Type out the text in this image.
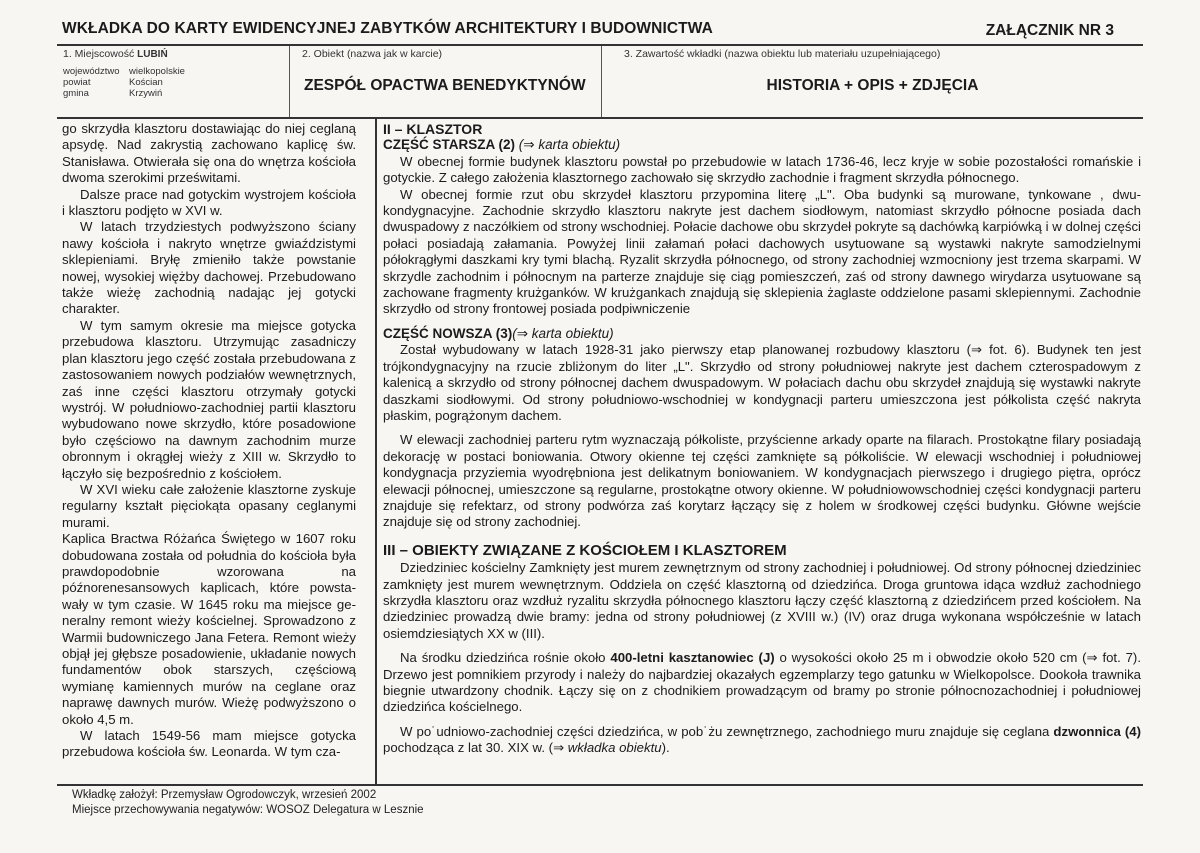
WKŁADKA DO KARTY EWIDENCYJNEJ ZABYTKÓW ARCHITEKTURY I BUDOWNICTWA	ZAŁĄCZNIK NR 3
1. Miejscowość LUBIŃ
województwo	wielkopolskie
powiat	Kościan
gmina	Krzywiń
2. Obiekt (nazwa jak w karcie)
ZESPÓŁ OPACTWA BENEDYKTYNÓW
3. Zawartość wkładki (nazwa obiektu lub materiału uzupełniającego)
HISTORIA + OPIS + ZDJĘCIA

go skrzydła klasztoru dostawiając do niej ceglaną apsydę. Nad zakrystią zachowano kaplicę św. Stanisława. Otwierała się ona do wnętrza kościoła dwoma szerokimi prześwitami.

Dalsze prace nad gotyckim wystrojem kościoła i klasztoru podjęto w XVI w.

W latach trzydziestych podwyższono ściany nawy kościoła i nakryto wnętrze gwiaździstymi sklepieniami. Bryłę zmieniło także powstanie nowej, wysokiej więżby dachowej. Przebudowano także wieżę zachodnią nadając jej gotycki charakter.

W tym samym okresie ma miejsce gotycka przebudowa klasztoru. Utrzymując zasadniczy plan klasztoru jego część została przebudowana z zastosowaniem nowych podziałów wewnętrznych, zaś inne części klasztoru otrzymały gotycki wystrój. W południowo-zachodniej partii klasztoru wybudowano nowe skrzydło, które posadowione było częściowo na dawnym zachodnim murze obronnym i okrągłej wieży z XIII w. Skrzydło to łączyło się bezpośrednio z kościołem.

W XVI wieku całe założenie klasztorne zyskuje regularny kształt pięciokąta opasany ceglanymi murami.

Kaplica Bractwa Różańca Świętego w 1607 roku dobudowana została od południa do kościoła była prawdopodobnie wzorowana na późnorenesansowych kaplicach, które powstawały w tym czasie. W 1645 roku ma miejsce generalny remont wieży kościelnej. Sprowadzono z Warmii budowniczego Jana Fetera. Remont wieży objął jej głębsze posadowienie, układanie nowych fundamentów obok starszych, częściową wymianę kamiennych murów na ceglane oraz naprawę dawnych murów. Wieżę podwyższono o około 4,5 m.

W latach 1549-56 mam miejsce gotycka przebudowa kościoła św. Leonarda. W tym cza-

II – KLASZTOR
CZĘŚĆ STARSZA (2) (⇒ karta obiektu)

W obecnej formie budynek klasztoru powstał po przebudowie w latach 1736-46, lecz kryje w sobie pozostałości romańskie i gotyckie. Z całego założenia klasztornego zachowało się skrzydło zachodnie i fragment skrzydła północnego.

W obecnej formie rzut obu skrzydeł klasztoru przypomina literę „L". Oba budynki są murowane, tynkowane , dwukondygnacyjne. Zachodnie skrzydło klasztoru nakryte jest dachem siodłowym, natomiast skrzydło północne posiada dach dwuspadowy z naczółkiem od strony wschodniej. Połacie dachowe obu skrzydeł pokryte są dachówką karpiówką i w dolnej części połaci posiadają załamania. Powyżej linii załamań połaci dachowych usytuowane są wystawki nakryte samodzielnymi półokrągłymi daszkami kry tymi blachą. Ryzalit skrzydła północnego, od strony zachodniej wzmocniony jest trzema skarpami. W skrzydle zachodnim i północnym na parterze znajduje się ciąg pomieszczeń, zaś od strony dawnego wirydarza usytuowane są zachowane fragmenty krużganków. W krużgankach znajdują się sklepienia żaglaste oddzielone pasami sklepiennymi. Zachodnie skrzydło od strony frontowej posiada podpiwniczenie

CZĘŚĆ NOWSZA (3)(⇒ karta obiektu)

Został wybudowany w latach 1928-31 jako pierwszy etap planowanej rozbudowy klasztoru (⇒ fot. 6). Budynek ten jest trójkondygnacyjny na rzucie zbliżonym do liter „L". Skrzydło od strony południowej nakryte jest dachem czterospadowym z kalenicą a skrzydło od strony północnej dachem dwuspadowym. W połaciach dachu obu skrzydeł znajdują się wystawki nakryte daszkami siodłowymi. Od strony południowo-wschodniej w kondygnacji parteru umieszczona jest półkolista część nakryta płaskim, pogrążonym dachem.

W elewacji zachodniej parteru rytm wyznaczają półkoliste, przyścienne arkady oparte na filarach. Prostokątne filary posiadają dekorację w postaci boniowania. Otwory okienne tej części zamknięte są półkoliście. W elewacji wschodniej i południowej kondygnacja przyziemia wyodrębniona jest delikatnym boniowaniem. W kondygnacjach pierwszego i drugiego piętra, oprócz elewacji północnej, umieszczone są regularne, prostokątne otwory okienne. W południowowschodniej części kondygnacji parteru znajduje się refektarz, od strony podwórza zaś korytarz łączący się z holem w środkowej części budynku. Główne wejście znajduje się od strony zachodniej.

III – OBIEKTY ZWIĄZANE Z KOŚCIOŁEM I KLASZTOREM

Dziedziniec kościelny Zamknięty jest murem zewnętrznym od strony zachodniej i południowej. Od strony północnej dziedziniec zamknięty jest murem wewnętrznym. Oddziela on część klasztorną od dziedzińca. Droga gruntowa idąca wzdłuż zachodniego skrzydła klasztoru oraz wzdłuż ryzalitu skrzydła północnego klasztoru łączy część klasztorną z dziedzińcem przed kościołem. Na dziedziniec prowadzą dwie bramy: jedna od strony południowej (z XVIII w.) (IV) oraz druga wykonana współcześnie w latach osiemdziesiątych XX w (III).

Na środku dziedzińca rośnie około 400-letni kasztanowiec (J) o wysokości około 25 m i obwodzie około 520 cm (⇒ fot. 7). Drzewo jest pomnikiem przyrody i należy do najbardziej okazałych egzemplarzy tego gatunku w Wielkopolsce. Dookoła trawnika biegnie utwardzony chodnik. Łączy się on z chodnikiem prowadzącym od bramy po stronie północnozachodniej i południowej dziedzińca kościelnego.

W po˙udniowo-zachodniej części dziedzińca, w pob˙żu zewnętrznego, zachodniego muru znajduje się ceglana dzwonnica (4) pochodząca z lat 30. XIX w. (⇒ wkładka obiektu).

Wkładkę założył: Przemysław Ogrodowczyk, wrzesień 2002
Miejsce przechowywania negatywów: WOSOZ Delegatura w Lesznie
